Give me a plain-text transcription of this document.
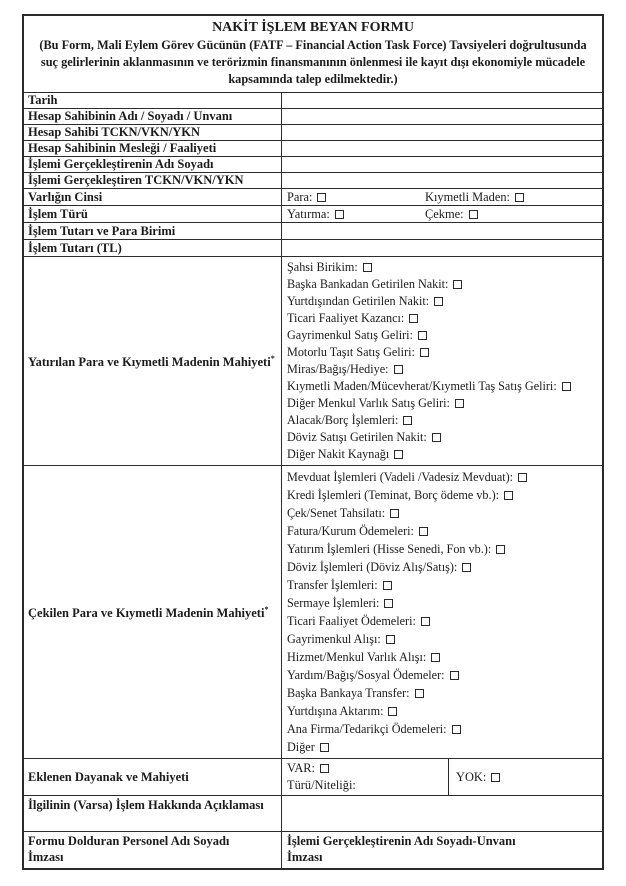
NAKİT İŞLEM BEYAN FORMU
(Bu Form, Mali Eylem Görev Gücünün (FATF – Financial Action Task Force) Tavsiyeleri doğrultusunda suç gelirlerinin aklanmasının ve terörizmin finansmanının önlenmesi ile kayıt dışı ekonomiyle mücadele kapsamında talep edilmektedir.)
Tarih
Hesap Sahibinin Adı / Soyadı / Unvanı
Hesap Sahibi TCKN/VKN/YKN
Hesap Sahibinin Mesleği / Faaliyeti
İşlemi Gerçekleştirenin Adı Soyadı
İşlemi Gerçekleştiren TCKN/VKN/YKN
Varlığın Cinsi	Para:	Kıymetli Maden:
İşlem Türü	Yatırma:	Çekme:
İşlem Tutarı ve Para Birimi
İşlem Tutarı (TL)
Yatırılan Para ve Kıymetli Madenin Mahiyeti*
Şahsi Birikim:
Başka Bankadan Getirilen Nakit:
Yurtdışından Getirilen Nakit:
Ticari Faaliyet Kazancı:
Gayrimenkul Satış Geliri:
Motorlu Taşıt Satış Geliri:
Miras/Bağış/Hediye:
Kıymetli Maden/Mücevherat/Kıymetli Taş Satış Geliri:
Diğer Menkul Varlık Satış Geliri:
Alacak/Borç İşlemleri:
Döviz Satışı Getirilen Nakit:
Diğer Nakit Kaynağı
Çekilen Para ve Kıymetli Madenin Mahiyeti*
Mevduat İşlemleri (Vadeli /Vadesiz Mevduat):
Kredi İşlemleri (Teminat, Borç ödeme vb.):
Çek/Senet Tahsilatı:
Fatura/Kurum Ödemeleri:
Yatırım İşlemleri (Hisse Senedi, Fon vb.):
Döviz İşlemleri (Döviz Alış/Satış):
Transfer İşlemleri:
Sermaye İşlemleri:
Ticari Faaliyet Ödemeleri:
Gayrimenkul Alışı:
Hizmet/Menkul Varlık Alışı:
Yardım/Bağış/Sosyal Ödemeler:
Başka Bankaya Transfer:
Yurtdışına Aktarım:
Ana Firma/Tedarikçi Ödemeleri:
Diğer
Eklenen Dayanak ve Mahiyeti
VAR:
Türü/Niteliği:
YOK:
İlgilinin (Varsa) İşlem Hakkında Açıklaması
Formu Dolduran Personel Adı Soyadı
İmzası
İşlemi Gerçekleştirenin Adı Soyadı-Unvanı
İmzası
